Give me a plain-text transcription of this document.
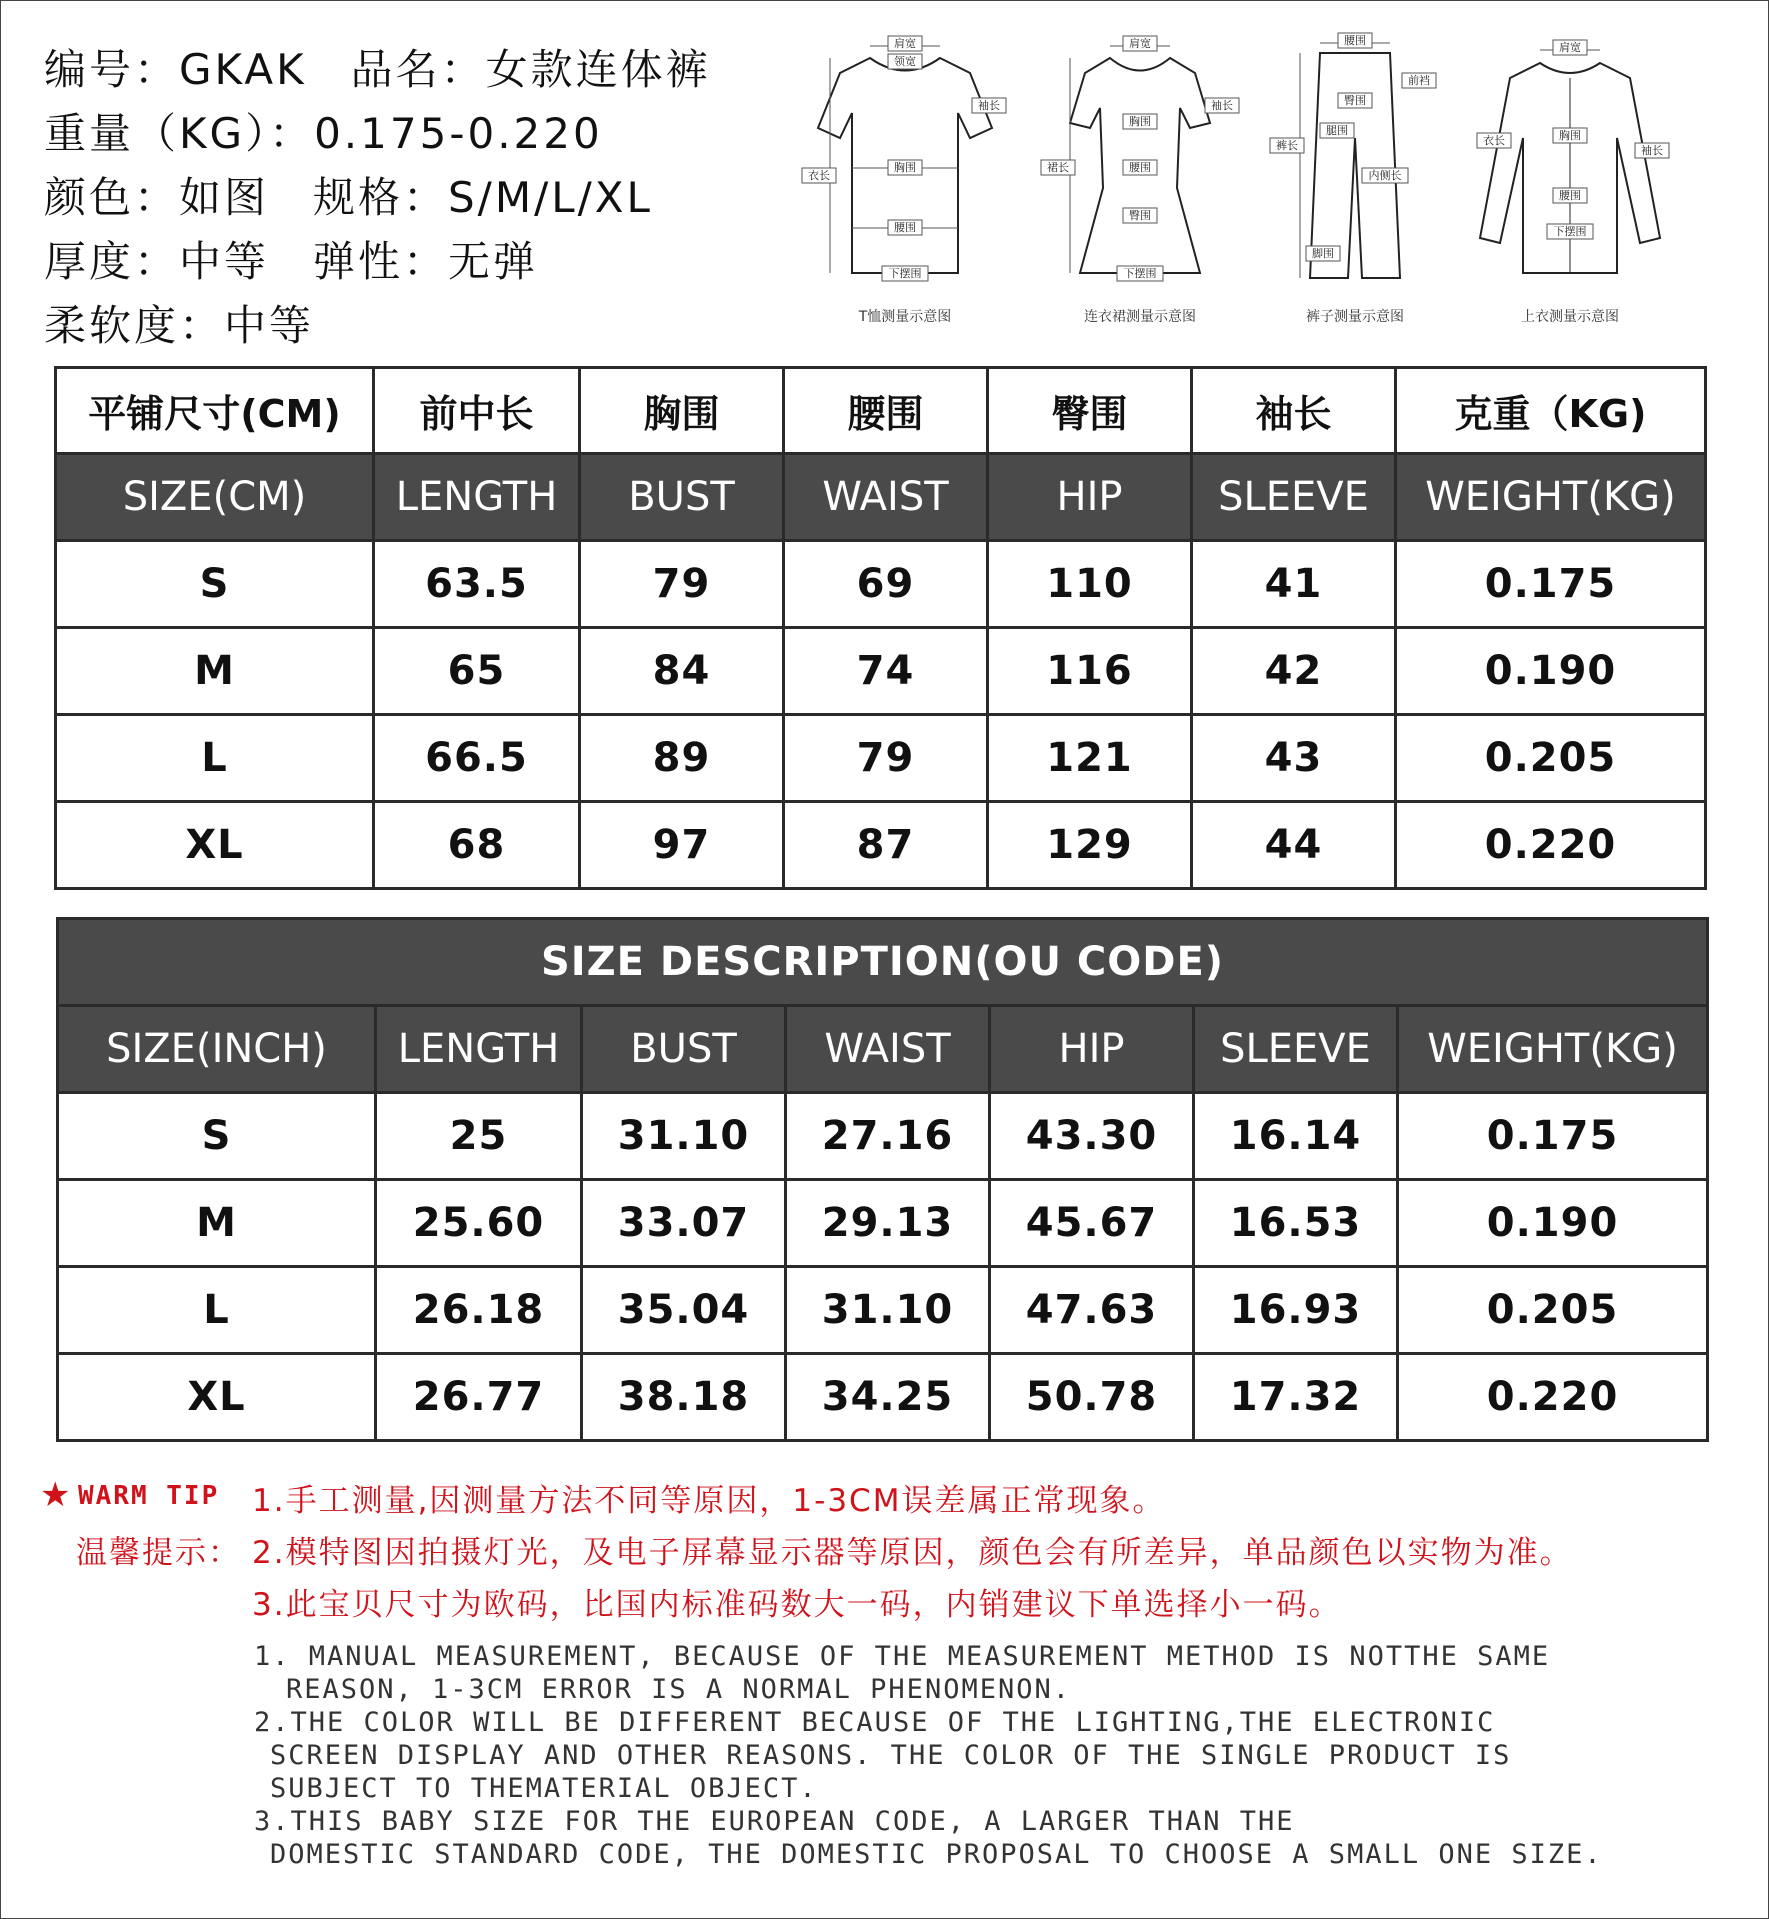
编号：GKAK 品名：女款连体裤
重量（KG）：0.175-0.220
颜色：如图 规格：S/M/L/XL
厚度：中等 弹性：无弹
柔软度：中等
肩宽
领宽
袖长
胸围
衣长
腰围
下摆围
T恤测量示意图
肩宽
袖长
胸围
裙长	腰围
臀围
下摆围
连衣裙测量示意图
腰围
前裆
臀围
裤长
腿围
内侧长
脚围
裤子测量示意图
肩宽
衣长	胸围
袖长
腰围
下摆围
上衣测量示意图
平铺尺寸(CM)	前中长	胸围	腰围	臀围	袖长	克重（KG)
SIZE(CM)	LENGTH	BUST	WAIST	HIP	SLEEVE	WEIGHT(KG)
S	63.5	79	69	110	41	0.175
M	65	84	74	116	42	0.190
L	66.5	89	79	121	43	0.205
XL	68	97	87	129	44	0.220
SIZE DESCRIPTION(OU CODE)						
SIZE(INCH)	LENGTH	BUST	WAIST	HIP	SLEEVE	WEIGHT(KG)
S	25	31.10	27.16	43.30	16.14	0.175
M	25.60	33.07	29.13	45.67	16.53	0.190
L	26.18	35.04	31.10	47.63	16.93	0.205
XL	26.77	38.18	34.25	50.78	17.32	0.220
★ WARM TIP 1.手工测量,因测量方法不同等原因，1-3CM误差属正常现象。
温馨提示： 2.模特图因拍摄灯光，及电子屏幕显示器等原因，颜色会有所差异，单品颜色以实物为准。
3.此宝贝尺寸为欧码，比国内标准码数大一码，内销建议下单选择小一码。
1. MANUAL MEASUREMENT, BECAUSE OF THE MEASUREMENT METHOD IS NOTTHE SAME
REASON, 1-3CM ERROR IS A NORMAL PHENOMENON.
2.THE COLOR WILL BE DIFFERENT BECAUSE OF THE LIGHTING,THE ELECTRONIC
SCREEN DISPLAY AND OTHER REASONS. THE COLOR OF THE SINGLE PRODUCT IS
SUBJECT TO THEMATERIAL OBJECT.
3.THIS BABY SIZE FOR THE EUROPEAN CODE, A LARGER THAN THE
DOMESTIC STANDARD CODE, THE DOMESTIC PROPOSAL TO CHOOSE A SMALL ONE SIZE.
